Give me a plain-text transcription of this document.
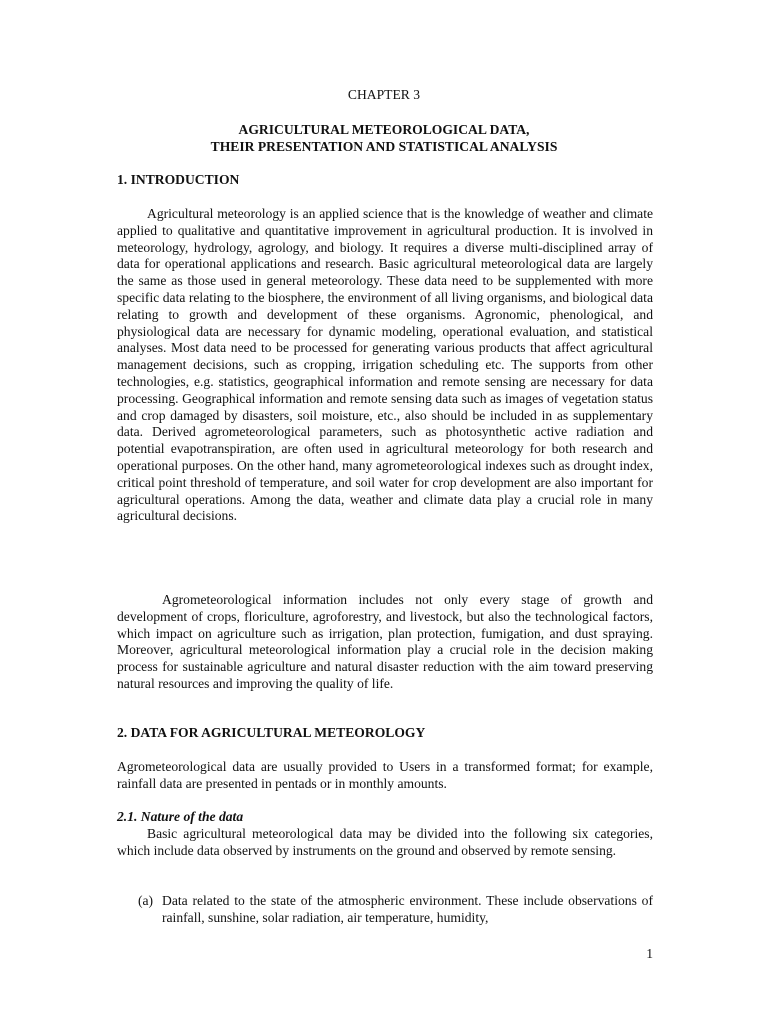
CHAPTER 3
AGRICULTURAL METEOROLOGICAL DATA,
THEIR PRESENTATION AND STATISTICAL ANALYSIS
1. INTRODUCTION

Agricultural meteorology is an applied science that is the knowledge of weather and climate applied to qualitative and quantitative improvement in agricultural production. It is involved in meteorology, hydrology, agrology, and biology. It requires a diverse multi-disciplined array of data for operational applications and research. Basic agricultural meteorological data are largely the same as those used in general meteorology. These data need to be supplemented with more specific data relating to the biosphere, the environment of all living organisms, and biological data relating to growth and development of these organisms. Agronomic, phenological, and physiological data are necessary for dynamic modeling, operational evaluation, and statistical analyses. Most data need to be processed for generating various products that affect agricultural management decisions, such as cropping, irrigation scheduling etc. The supports from other technologies, e.g. statistics, geographical information and remote sensing are necessary for data processing. Geographical information and remote sensing data such as images of vegetation status and crop damaged by disasters, soil moisture, etc., also should be included in as supplementary data. Derived agrometeorological parameters, such as photosynthetic active radiation and potential evapotranspiration, are often used in agricultural meteorology for both research and operational purposes. On the other hand, many agrometeorological indexes such as drought index, critical point threshold of temperature, and soil water for crop development are also important for agricultural operations. Among the data, weather and climate data play a crucial role in many agricultural decisions.

Agrometeorological information includes not only every stage of growth and development of crops, floriculture, agroforestry, and livestock, but also the technological factors, which impact on agriculture such as irrigation, plan protection, fumigation, and dust spraying. Moreover, agricultural meteorological information play a crucial role in the decision making process for sustainable agriculture and natural disaster reduction with the aim toward preserving natural resources and improving the quality of life.

2. DATA FOR AGRICULTURAL METEOROLOGY

Agrometeorological data are usually provided to Users in a transformed format; for example, rainfall data are presented in pentads or in monthly amounts.

2.1. Nature of the data

Basic agricultural meteorological data may be divided into the following six categories, which include data observed by instruments on the ground and observed by remote sensing.

(a) Data related to the state of the atmospheric environment. These include observations of rainfall, sunshine, solar radiation, air temperature, humidity,
1
